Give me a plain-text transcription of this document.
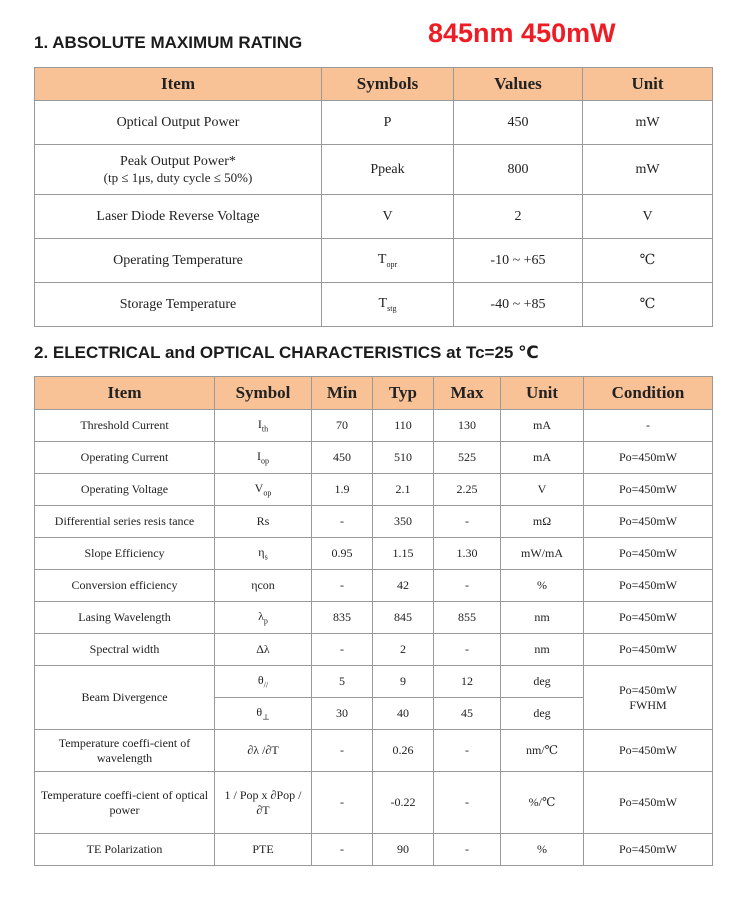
1. ABSOLUTE MAXIMUM RATING	845nm 450mW
Item	Symbols	Values	Unit

Optical Output Power	P	450	mW

Peak Output Power*
(tp ≤ 1μs, duty cycle ≤ 50%)	Ppeak	800	mW

Laser Diode Reverse Voltage	V	2	V

Operating Temperature	$T_{opr}$	-10 ~ +65	℃

Storage Temperature	$T_{stg}$	-40 ~ +85	℃
2. ELECTRICAL and OPTICAL CHARACTERISTICS at Tc=25 ℃
Item	Symbol	Min	Typ	Max	Unit	Condition
Threshold Current	$I_{th}$	70	110	130	mA	-
Operating Current	$I_{op}$	450	510	525	mA	Po=450mW
Operating Voltage	$V_{op}$	1.9	2.1	2.25	V	Po=450mW
Differential series resis tance	Rs	-	350	-	mΩ	Po=450mW
Slope Efficiency	$\eta_s$	0.95	1.15	1.30	mW/mA	Po=450mW
Conversion efficiency	ηcon	-	42	-	%	Po=450mW
Lasing Wavelength	$\lambda_p$	835	845	855	nm	Po=450mW
Spectral width	Δλ	-	2	-	nm	Po=450mW
Beam Divergence	$\theta_{//}$	5	9	12	deg	Po=450mW
FWHM

	$\theta_\perp$	30	40	45	deg	
Temperature coeffi-cient of wavelength	∂λ /∂T	-	0.26	-	nm/℃	Po=450mW
Temperature coeffi-cient of optical power	1 / Pop x ∂Pop / ∂T	-	-0.22	-	%/℃	Po=450mW
TE Polarization	PTE	-	90	-	%	Po=450mW
